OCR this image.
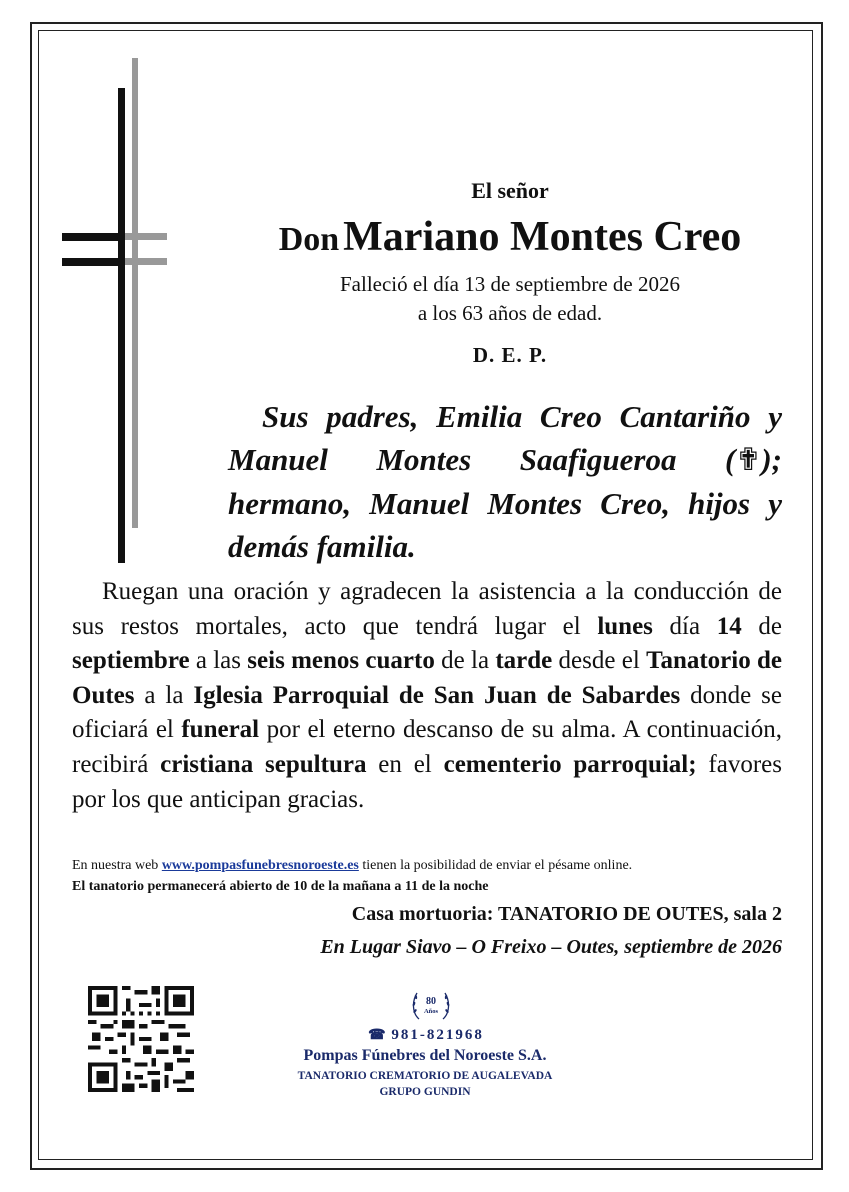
El señor
Don Mariano Montes Creo
Falleció el día 13 de septiembre de 2026
a los 63 años de edad.
D. E. P.
Sus padres, Emilia Creo Cantariño y Manuel Montes Saafigueroa (✟); hermano, Manuel Montes Creo, hijos y demás familia.
Ruegan una oración y agradecen la asistencia a la conducción de sus restos mortales, acto que tendrá lugar el lunes día 14 de septiembre a las seis menos cuarto de la tarde desde el Tanatorio de Outes a la Iglesia Parroquial de San Juan de Sabardes donde se oficiará el funeral por el eterno descanso de su alma. A continuación, recibirá cristiana sepultura en el cementerio parroquial; favores por los que anticipan gracias.
En nuestra web www.pompasfunebresnoroeste.es tienen la posibilidad de enviar el pésame online.
El tanatorio permanecerá abierto de 10 de la mañana a 11 de la noche
Casa mortuoria: TANATORIO DE OUTES, sala 2
En Lugar Siavo – O Freixo – Outes, septiembre de 2026
80
Años
☎ 981-821968
Pompas Fúnebres del Noroeste S.A.
TANATORIO CREMATORIO DE AUGALEVADA
GRUPO GUNDIN
